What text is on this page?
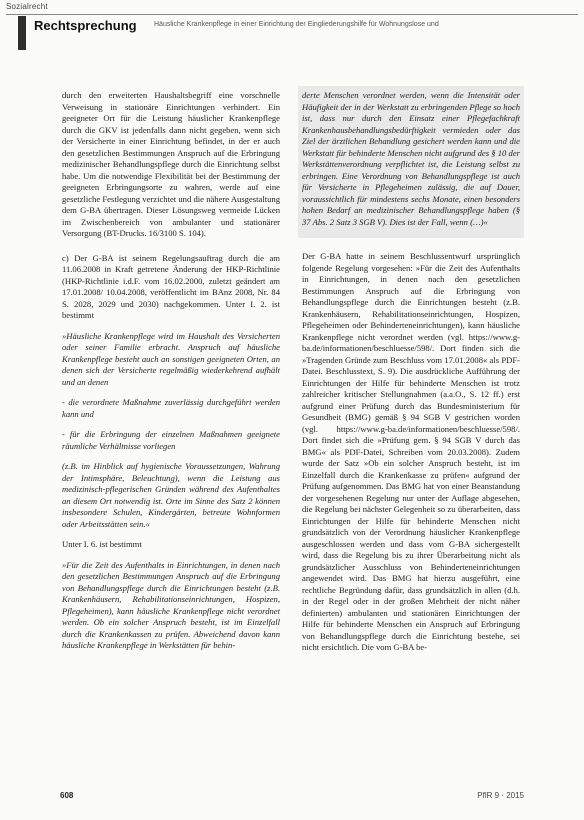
Sozialrecht
Rechtsprechung Häusliche Krankenpflege in einer Einrichtung der Eingliederungshilfe für Wohnungslose und

durch den erweiterten Haushaltsbegriff eine vorschnelle Verweisung in stationäre Einrichtungen verhindert. Ein geeigneter Ort für die Leistung häuslicher Krankenpflege durch die GKV ist jedenfalls dann nicht gegeben, wenn sich der Versicherte in einer Einrichtung befindet, in der er auch den gesetzlichen Bestimmungen Anspruch auf die Erbringung medizinischer Behandlungspflege durch die Einrichtung selbst habe. Um die notwendige Flexibilität bei der Bestimmung der geeigneten Erbringungsorte zu wahren, werde auf eine gesetzliche Festlegung verzichtet und die nähere Ausgestaltung dem G-BA übertragen. Dieser Lösungsweg vermeide Lücken im Zwischenbereich von ambulanter und stationärer Versorgung (BT-Drucks. 16/3100 S. 104).

c) Der G-BA ist seinem Regelungsauftrag durch die am 11.06.2008 in Kraft getretene Änderung der HKP-Richtlinie (HKP-Richtlinie i.d.F. vom 16.02.2000, zuletzt geändert am 17.01.2008/ 10.04.2008, veröffentlicht im BAnz 2008, Nr. 84 S. 2028, 2029 und 2030) nachgekommen. Unter I. 2. ist bestimmt

»Häusliche Krankenpflege wird im Haushalt des Versicherten oder seiner Familie erbracht. Anspruch auf häusliche Krankenpflege besteht auch an sonstigen geeigneten Orten, an denen sich der Versicherte regelmäßig wiederkehrend aufhält und an denen

- die verordnete Maßnahme zuverlässig durchgeführt werden kann und

- für die Erbringung der einzelnen Maßnahmen geeignete räumliche Verhältnisse vorliegen

(z.B. im Hinblick auf hygienische Voraussetzungen, Wahrung der Intimsphäre, Beleuchtung), wenn die Leistung aus medizinisch-pflegerischen Gründen während des Aufenthaltes an diesem Ort notwendig ist. Orte im Sinne des Satz 2 können insbesondere Schulen, Kindergärten, betreute Wohnformen oder Arbeitsstätten sein.«

Unter I. 6. ist bestimmt

»Für die Zeit des Aufenthalts in Einrichtungen, in denen nach den gesetzlichen Bestimmungen Anspruch auf die Erbringung von Behandlungspflege durch die Einrichtungen besteht (z.B. Krankenhäusern, Rehabilitationseinrichtungen, Hospizen, Pflegeheimen), kann häusliche Krankenpflege nicht verordnet werden. Ob ein solcher Anspruch besteht, ist im Einzelfall durch die Krankenkassen zu prüfen. Abweichend davon kann häusliche Krankenpflege in Werkstätten für behin-

derte Menschen verordnet werden, wenn die Intensität oder Häufigkeit der in der Werkstatt zu erbringenden Pflege so hoch ist, dass nur durch den Einsatz einer Pflegefachkraft Krankenhausbehandlungsbedürftigkeit vermieden oder das Ziel der ärztlichen Behandlung gesichert werden kann und die Werkstatt für behinderte Menschen nicht aufgrund des § 10 der Werkstättenverordnung verpflichtet ist, die Leistung selbst zu erbringen. Eine Verordnung von Behandlungspflege ist auch für Versicherte in Pflegeheimen zulässig, die auf Dauer, voraussichtlich für mindestens sechs Monate, einen besonders hohen Bedarf an medizinischer Behandlungspflege haben (§ 37 Abs. 2 Satz 3 SGB V). Dies ist der Fall, wenn (…)«

Der G-BA hatte in seinem Beschlussentwurf ursprünglich folgende Regelung vorgesehen: »Für die Zeit des Aufenthalts in Einrichtungen, in denen nach den gesetzlichen Bestimmungen Anspruch auf die Erbringung von Behandlungspflege durch die Einrichtungen besteht (z.B. Krankenhäusern, Rehabilitationseinrichtungen, Hospizen, Pflegeheimen oder Behinderteneinrichtungen), kann häusliche Krankenpflege nicht verordnet werden (vgl. https://www.g-ba.de/informationen/beschluesse/598/. Dort finden sich die »Tragenden Gründe zum Beschluss vom 17.01.2008« als PDF-Datei. Beschlusstext, S. 9). Die ausdrückliche Aufführung der Einrichtungen der Hilfe für behinderte Menschen ist trotz zahlreicher kritischer Stellungnahmen (a.a.O., S. 12 ff.) erst aufgrund einer Prüfung durch das Bundesministerium für Gesundheit (BMG) gemäß § 94 SGB V gestrichen worden (vgl. https://www.g-ba.de/informationen/beschluesse/598/. Dort findet sich die »Prüfung gem. § 94 SGB V durch das BMG« als PDF-Datei, Schreiben vom 20.03.2008). Zudem wurde der Satz »Ob ein solcher Anspruch besteht, ist im Einzelfall durch die Krankenkasse zu prüfen« aufgrund der Prüfung aufgenommen. Das BMG hat von einer Beanstandung der vorgesehenen Regelung nur unter der Auflage abgesehen, die Regelung bei nächster Gelegenheit so zu überarbeiten, dass Einrichtungen der Hilfe für behinderte Menschen nicht grundsätzlich von der Verordnung häuslicher Krankenpflege ausgeschlossen werden und dass vom G-BA sichergestellt wird, dass die Regelung bis zu ihrer Überarbeitung nicht als grundsätzlicher Ausschluss von Behinderteneinrichtungen angewendet wird. Das BMG hat hierzu ausgeführt, eine rechtliche Begründung dafür, dass grundsätzlich in allen (d.h. in der Regel oder in der großen Mehrheit der nicht näher definierten) ambulanten und stationären Einrichtungen der Hilfe für behinderte Menschen ein Anspruch auf Erbringung von Behandlungspflege durch die Einrichtung bestehe, sei nicht ersichtlich. Die vom G-BA be-

608	PflR 9 · 2015
